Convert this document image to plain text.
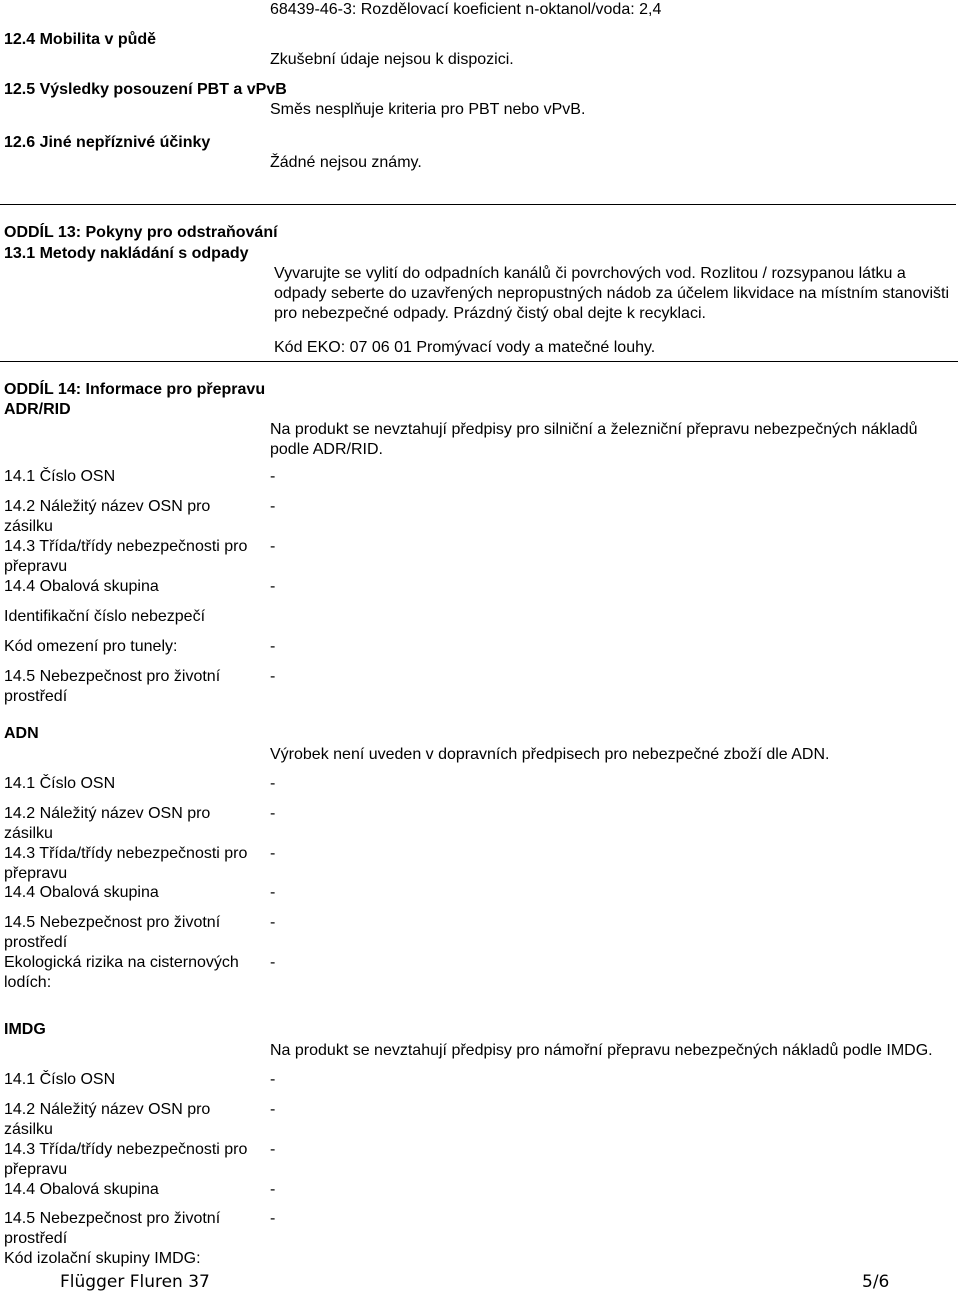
68439-46-3: Rozdělovací koeficient n-oktanol/voda: 2,4
12.4 Mobilita v půdě
Zkušební údaje nejsou k dispozici.
12.5 Výsledky posouzení PBT a vPvB
Směs nesplňuje kriteria pro PBT nebo vPvB.
12.6 Jiné nepříznivé účinky
Žádné nejsou známy.
ODDÍL 13: Pokyny pro odstraňování
13.1 Metody nakládání s odpady
Vyvarujte se vylití do odpadních kanálů či povrchových vod. Rozlitou / rozsypanou látku a odpady seberte do uzavřených nepropustných nádob za účelem likvidace na místním stanovišti pro nebezpečné odpady. Prázdný čistý obal dejte k recyklaci.
Kód EKO: 07 06 01 Promývací vody a matečné louhy.
ODDÍL 14: Informace pro přepravu
ADR/RID
Na produkt se nevztahují předpisy pro silniční a železniční přepravu nebezpečných nákladů podle ADR/RID.
14.1 Číslo OSN	-
14.2 Náležitý název OSN pro zásilku
-
14.3 Třída/třídy nebezpečnosti pro přepravu
-
14.4 Obalová skupina	-
Identifikační číslo nebezpečí
Kód omezení pro tunely:	-
14.5 Nebezpečnost pro životní prostředí
-
ADN
Výrobek není uveden v dopravních předpisech pro nebezpečné zboží dle ADN.
14.1 Číslo OSN	-
14.2 Náležitý název OSN pro zásilku
-
14.3 Třída/třídy nebezpečnosti pro přepravu
-
14.4 Obalová skupina	-
14.5 Nebezpečnost pro životní prostředí
-
Ekologická rizika na cisternových lodích:
-
IMDG
Na produkt se nevztahují předpisy pro námořní přepravu nebezpečných nákladů podle IMDG.
14.1 Číslo OSN	-
14.2 Náležitý název OSN pro zásilku
-
14.3 Třída/třídy nebezpečnosti pro přepravu
-
14.4 Obalová skupina	-
14.5 Nebezpečnost pro životní prostředí
-
Kód izolační skupiny IMDG:
Flügger Fluren 37	5/6
